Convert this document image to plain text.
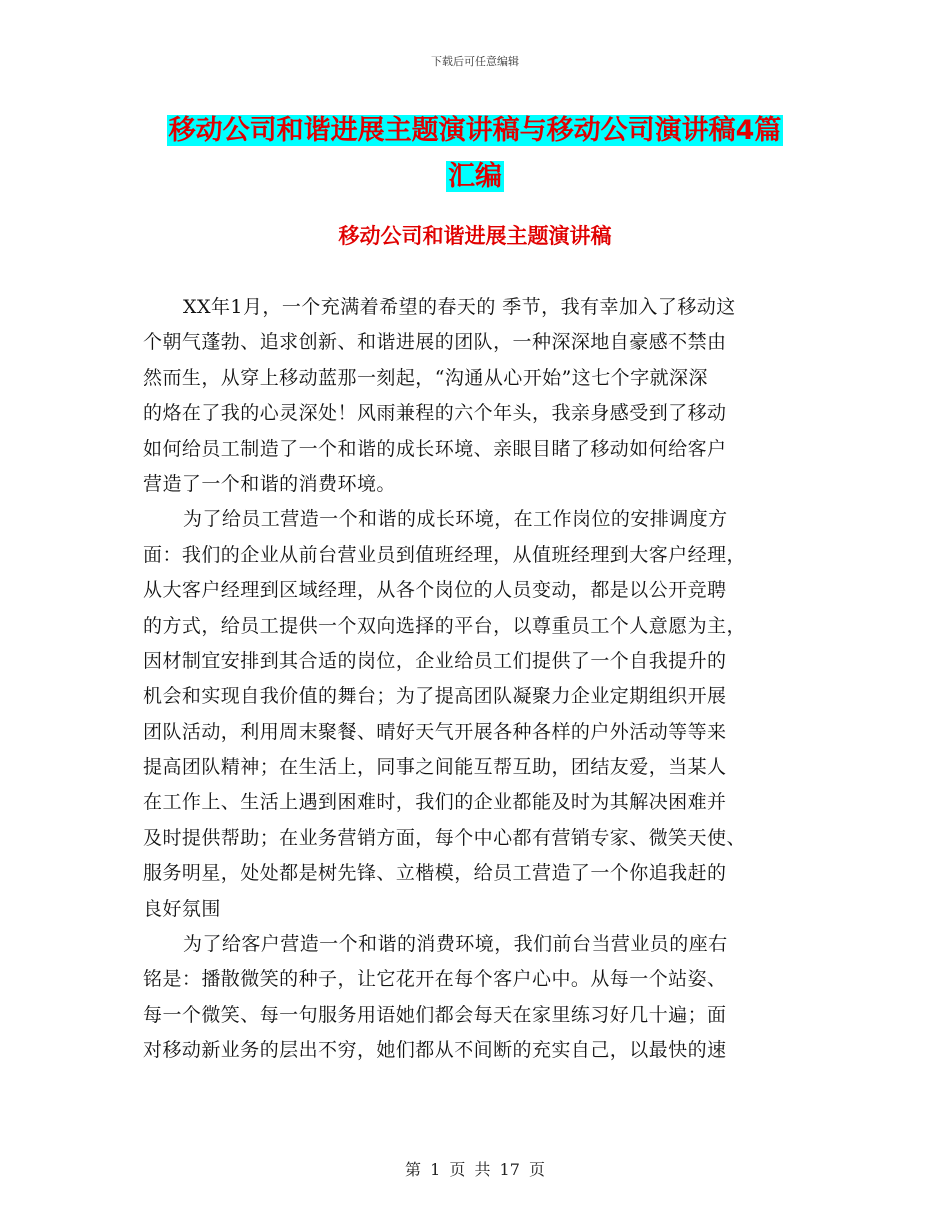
下载后可任意编辑
移动公司和谐进展主题演讲稿与移动公司演讲稿4篇
汇编
移动公司和谐进展主题演讲稿
XX年1月，一个充满着希望的春天的 季节，我有幸加入了移动这
个朝气蓬勃、追求创新、和谐进展的团队，一种深深地自豪感不禁由
然而生，从穿上移动蓝那一刻起，“沟通从心开始”这七个字就深深
的烙在了我的心灵深处！风雨兼程的六个年头，我亲身感受到了移动
如何给员工制造了一个和谐的成长环境、亲眼目睹了移动如何给客户
营造了一个和谐的消费环境。
为了给员工营造一个和谐的成长环境，在工作岗位的安排调度方
面：我们的企业从前台营业员到值班经理，从值班经理到大客户经理，
从大客户经理到区域经理，从各个岗位的人员变动，都是以公开竞聘
的方式，给员工提供一个双向选择的平台，以尊重员工个人意愿为主，
因材制宜安排到其合适的岗位，企业给员工们提供了一个自我提升的
机会和实现自我价值的舞台；为了提高团队凝聚力企业定期组织开展
团队活动，利用周末聚餐、晴好天气开展各种各样的户外活动等等来
提高团队精神；在生活上，同事之间能互帮互助，团结友爱，当某人
在工作上、生活上遇到困难时，我们的企业都能及时为其解决困难并
及时提供帮助；在业务营销方面，每个中心都有营销专家、微笑天使、
服务明星，处处都是树先锋、立楷模，给员工营造了一个你追我赶的
良好氛围
为了给客户营造一个和谐的消费环境，我们前台当营业员的座右
铭是：播散微笑的种子，让它花开在每个客户心中。从每一个站姿、
每一个微笑、每一句服务用语她们都会每天在家里练习好几十遍；面
对移动新业务的层出不穷，她们都从不间断的充实自己，以最快的速
第 1 页 共 17 页
